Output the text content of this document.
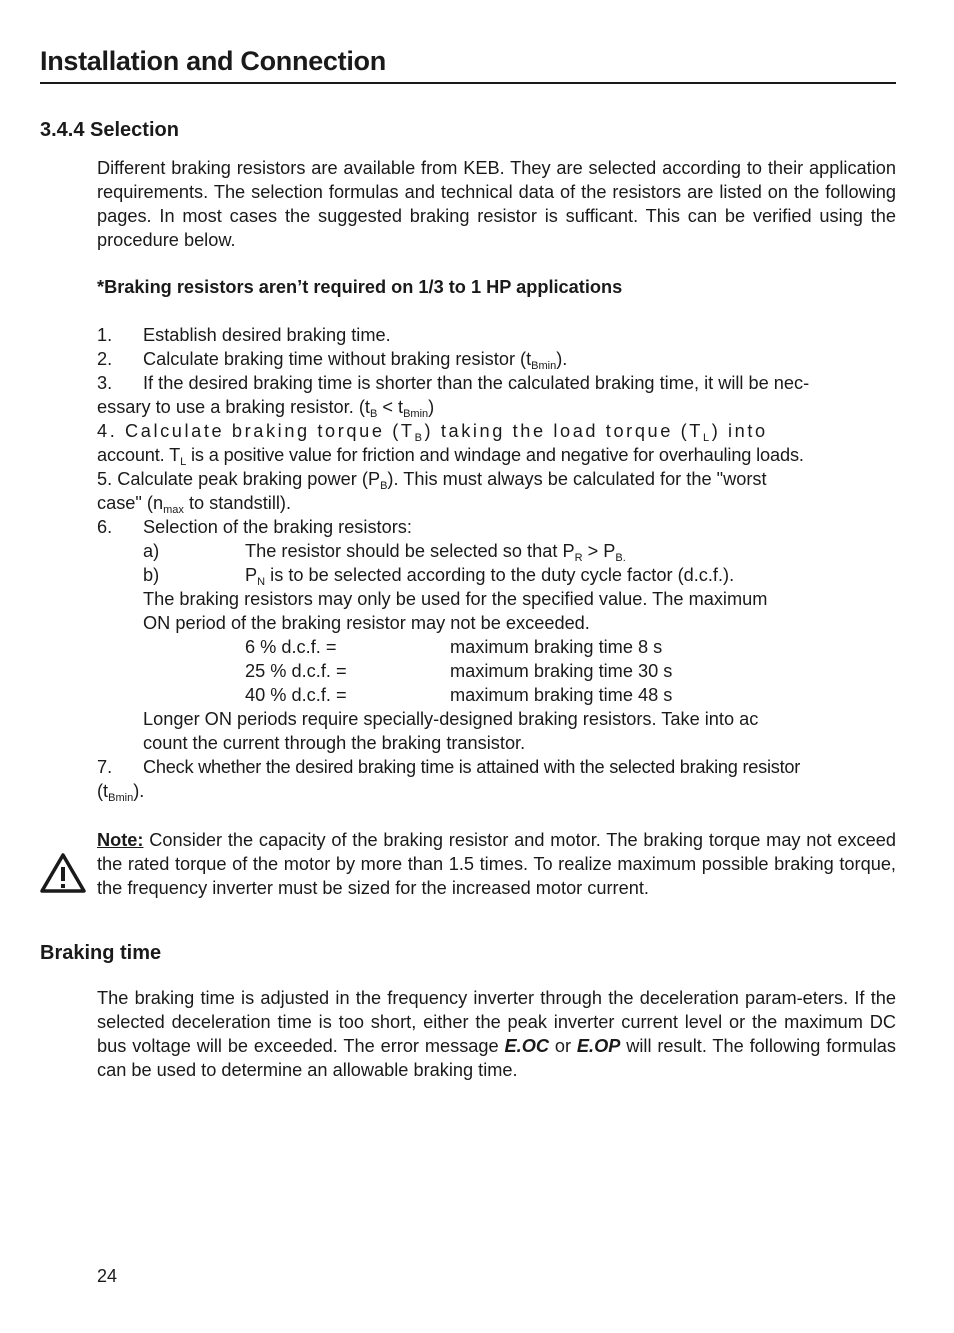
Installation and Connection
3.4.4 Selection
Different braking resistors are available from KEB. They are selected according to their application requirements. The selection formulas and technical data of the resistors are listed on the following pages. In most cases the suggested braking resistor is sufficant. This can be verified using the procedure below.
*Braking resistors aren’t required on 1/3 to 1 HP applications
1. Establish desired braking time.
2. Calculate braking time without braking resistor $(t_{Bmin})$.
3. If the desired braking time is shorter than the calculated braking time, it will be nec-
essary to use a braking resistor. $(t_B < t_{Bmin})$
4. Calculate braking torque $(T_B)$ taking the load torque $(T_L)$ into
account. $T_L$ is a positive value for friction and windage and negative for overhauling loads.
5. Calculate peak braking power $(P_B)$. This must always be calculated for the "worst
case" ($n_{max}$ to standstill).
6. Selection of the braking resistors:
a)	The resistor should be selected so that $P_R > P_{B.}$
b)	$P_N$ is to be selected according to the duty cycle factor (d.c.f.).
The braking resistors may only be used for the specified value. The maximum
ON period of the braking resistor may not be exceeded.
6 % d.c.f. =	maximum braking time 8 s
25 % d.c.f. =	maximum braking time 30 s
40 % d.c.f. =	maximum braking time 48 s
Longer ON periods require specially-designed braking resistors. Take into ac
count the current through the braking transistor.
7. Check whether the desired braking time is attained with the selected braking resistor
$(t_{Bmin})$.
Note: Consider the capacity of the braking resistor and motor. The braking torque may not exceed the rated torque of the motor by more than 1.5 times. To realize maximum possible braking torque, the frequency inverter must be sized for the increased motor current.
Braking time
The braking time is adjusted in the frequency inverter through the deceleration param-eters. If the selected deceleration time is too short, either the peak inverter current level or the maximum DC bus voltage will be exceeded. The error message E.OC or E.OP will result. The following formulas can be used to determine an allowable braking time.
24
